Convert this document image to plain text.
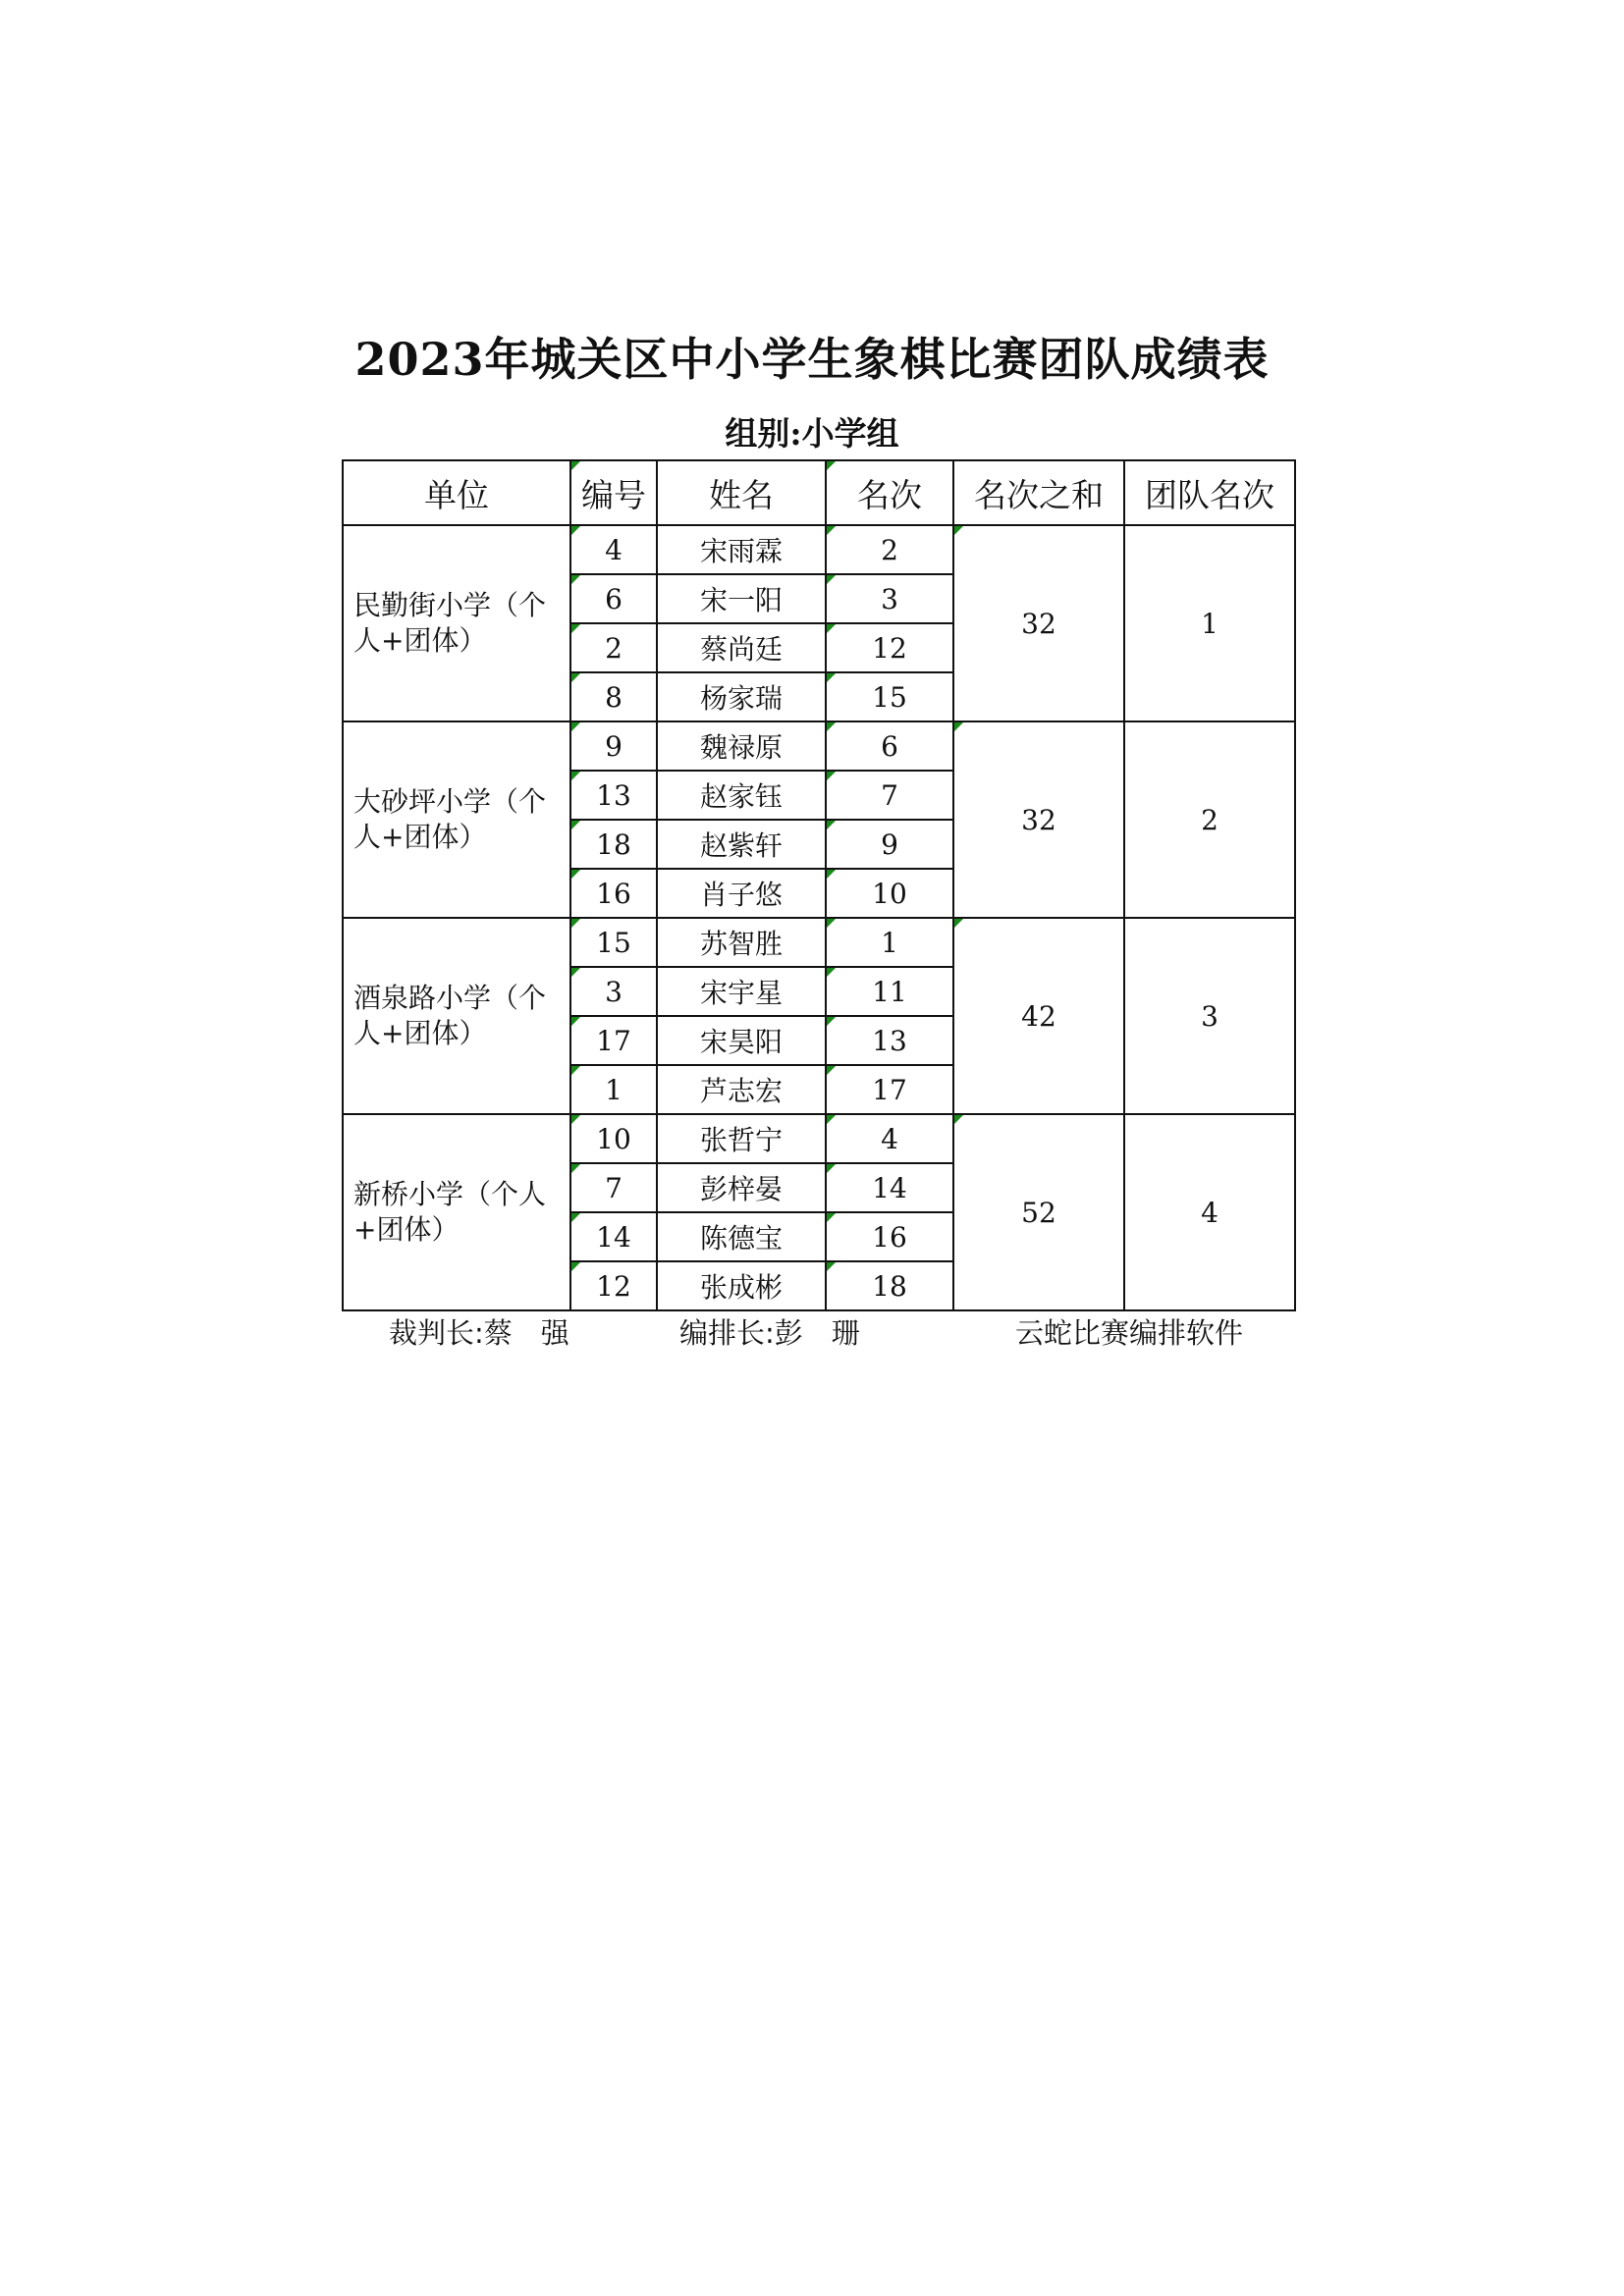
2023年城关区中小学生象棋比赛团队成绩表
组别:小学组
单位	编号	姓名	名次	名次之和	团队名次
民勤街小学（个人+团体）	4	宋雨霖	2	32	1
	6	宋一阳	3		
	2	蔡尚廷	12		
	8	杨家瑞	15		
大砂坪小学（个人+团体）	9	魏禄原	6	32	2
	13	赵家钰	7		
	18	赵紫轩	9		
	16	肖子悠	10		
酒泉路小学（个人+团体）	15	苏智胜	1	42	3
	3	宋宇星	11		
	17	宋昊阳	13		
	1	芦志宏	17		
新桥小学（个人+团体）	10	张哲宁	4	52	4
	7	彭梓晏	14		
	14	陈德宝	16		
	12	张成彬	18		
裁判长:蔡　强	编排长:彭　珊	云蛇比赛编排软件
